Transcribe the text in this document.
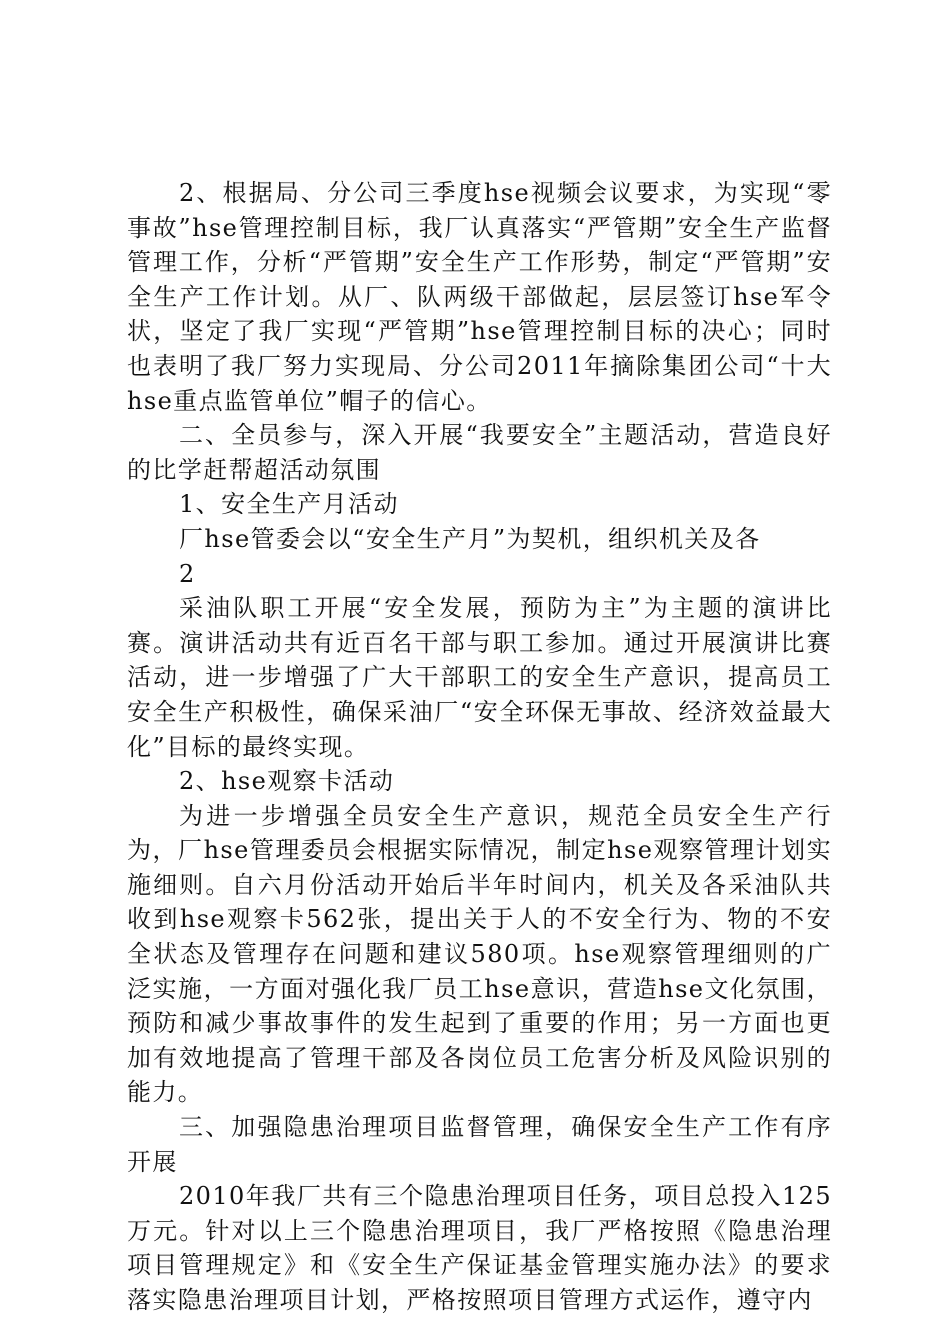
2、根据局、分公司三季度hse视频会议要求，为实现“零事故”hse管理控制目标，我厂认真落实“严管期”安全生产监督管理工作，分析“严管期”安全生产工作形势，制定“严管期”安全生产工作计划。从厂、队两级干部做起，层层签订hse军令状，坚定了我厂实现“严管期”hse管理控制目标的决心；同时也表明了我厂努力实现局、分公司2011年摘除集团公司“十大hse重点监管单位”帽子的信心。

二、全员参与，深入开展“我要安全”主题活动，营造良好的比学赶帮超活动氛围

1、安全生产月活动

厂hse管委会以“安全生产月”为契机，组织机关及各

2

采油队职工开展“安全发展，预防为主”为主题的演讲比赛。演讲活动共有近百名干部与职工参加。通过开展演讲比赛活动，进一步增强了广大干部职工的安全生产意识，提高员工安全生产积极性，确保采油厂“安全环保无事故、经济效益最大化”目标的最终实现。

2、hse观察卡活动

为进一步增强全员安全生产意识，规范全员安全生产行为，厂hse管理委员会根据实际情况，制定hse观察管理计划实施细则。自六月份活动开始后半年时间内，机关及各采油队共收到hse观察卡562张，提出关于人的不安全行为、物的不安全状态及管理存在问题和建议580项。hse观察管理细则的广泛实施，一方面对强化我厂员工hse意识，营造hse文化氛围，预防和减少事故事件的发生起到了重要的作用；另一方面也更加有效地提高了管理干部及各岗位员工危害分析及风险识别的能力。

三、加强隐患治理项目监督管理，确保安全生产工作有序开展

2010年我厂共有三个隐患治理项目任务，项目总投入125万元。针对以上三个隐患治理项目，我厂严格按照《隐患治理项目管理规定》和《安全生产保证基金管理实施办法》的要求落实隐患治理项目计划，严格按照项目管理方式运作，遵守内
